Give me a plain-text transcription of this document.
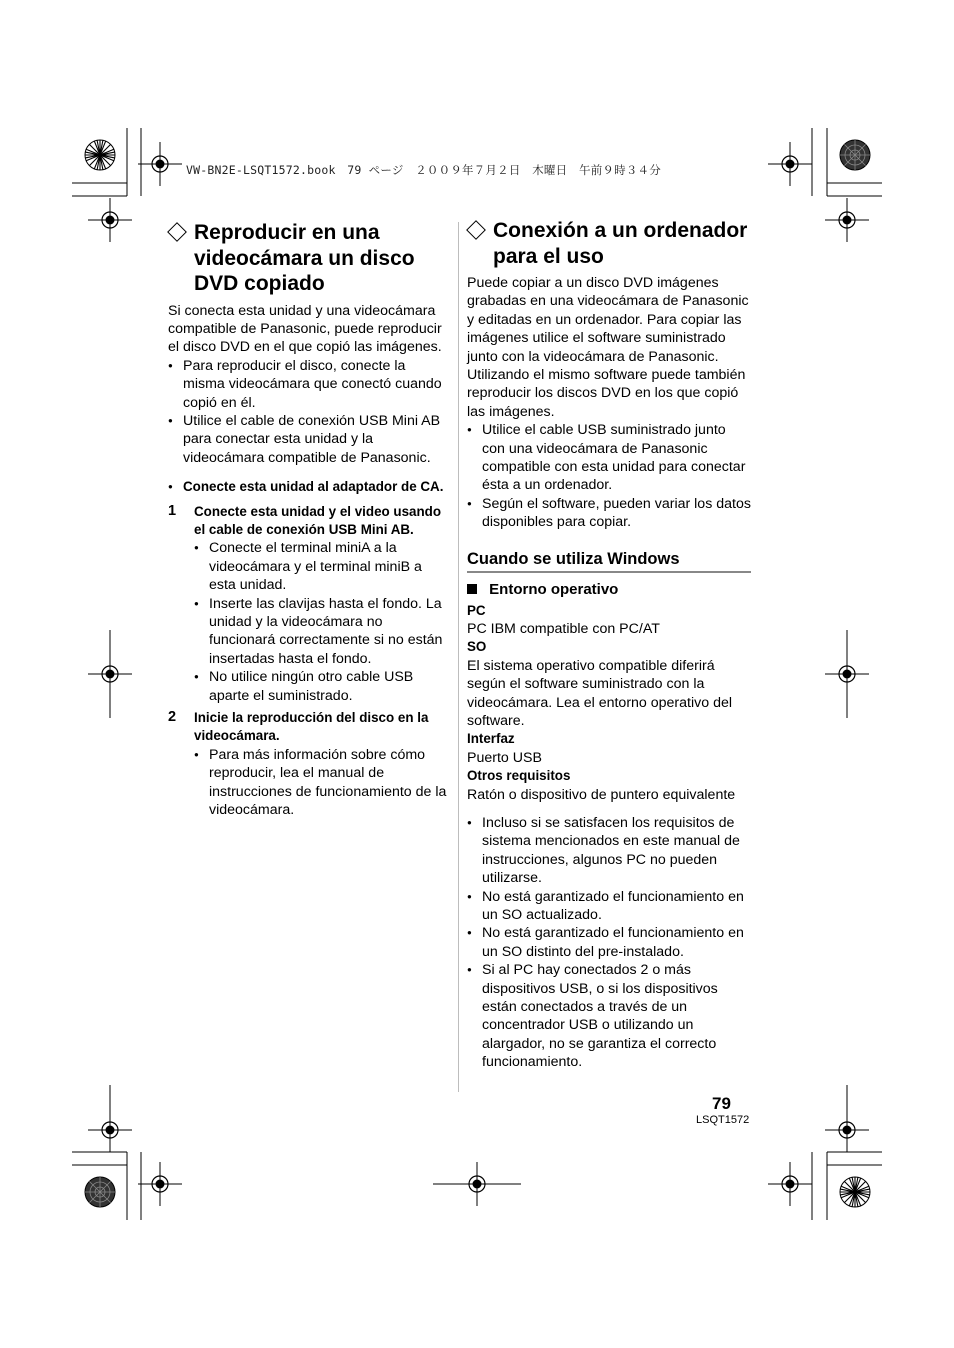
VW-BN2E-LSQT1572.book　79 ページ　２００９年７月２日　木曜日　午前９時３４分
Reproducir en una videocámara un disco DVD copiado

Si conecta esta unidad y una videocámara compatible de Panasonic, puede reproducir el disco DVD en el que copió las imágenes.

● Para reproducir el disco, conecte la misma videocámara que conectó cuando copió en él.

● Utilice el cable de conexión USB Mini AB para conectar esta unidad y la videocámara compatible de Panasonic.

● Conecte esta unidad al adaptador de CA.

1 Conecte esta unidad y el video usando el cable de conexión USB Mini AB.

● Conecte el terminal miniA a la videocámara y el terminal miniB a esta unidad.

● Inserte las clavijas hasta el fondo. La unidad y la videocámara no funcionará correctamente si no están insertadas hasta el fondo.

● No utilice ningún otro cable USB aparte el suministrado.

2 Inicie la reproducción del disco en la videocámara.

● Para más información sobre cómo reproducir, lea el manual de instrucciones de funcionamiento de la videocámara.

Conexión a un ordenador para el uso

Puede copiar a un disco DVD imágenes grabadas en una videocámara de Panasonic y editadas en un ordenador. Para copiar las imágenes utilice el software suministrado junto con la videocámara de Panasonic. Utilizando el mismo software puede también reproducir los discos DVD en los que copió las imágenes.

● Utilice el cable USB suministrado junto con una videocámara de Panasonic compatible con esta unidad para conectar ésta a un ordenador.

● Según el software, pueden variar los datos disponibles para copiar.

Cuando se utiliza Windows
Entorno operativo

PC

PC IBM compatible con PC/AT

SO

El sistema operativo compatible diferirá según el software suministrado con la videocámara. Lea el entorno operativo del software.

Interfaz

Puerto USB

Otros requisitos

Ratón o dispositivo de puntero equivalente

● Incluso si se satisfacen los requisitos de sistema mencionados en este manual de instrucciones, algunos PC no pueden utilizarse.

● No está garantizado el funcionamiento en un SO actualizado.

● No está garantizado el funcionamiento en un SO distinto del pre-instalado.

● Si al PC hay conectados 2 o más dispositivos USB, o si los dispositivos están conectados a través de un concentrador USB o utilizando un alargador, no se garantiza el correcto funcionamiento.

79
LSQT1572
